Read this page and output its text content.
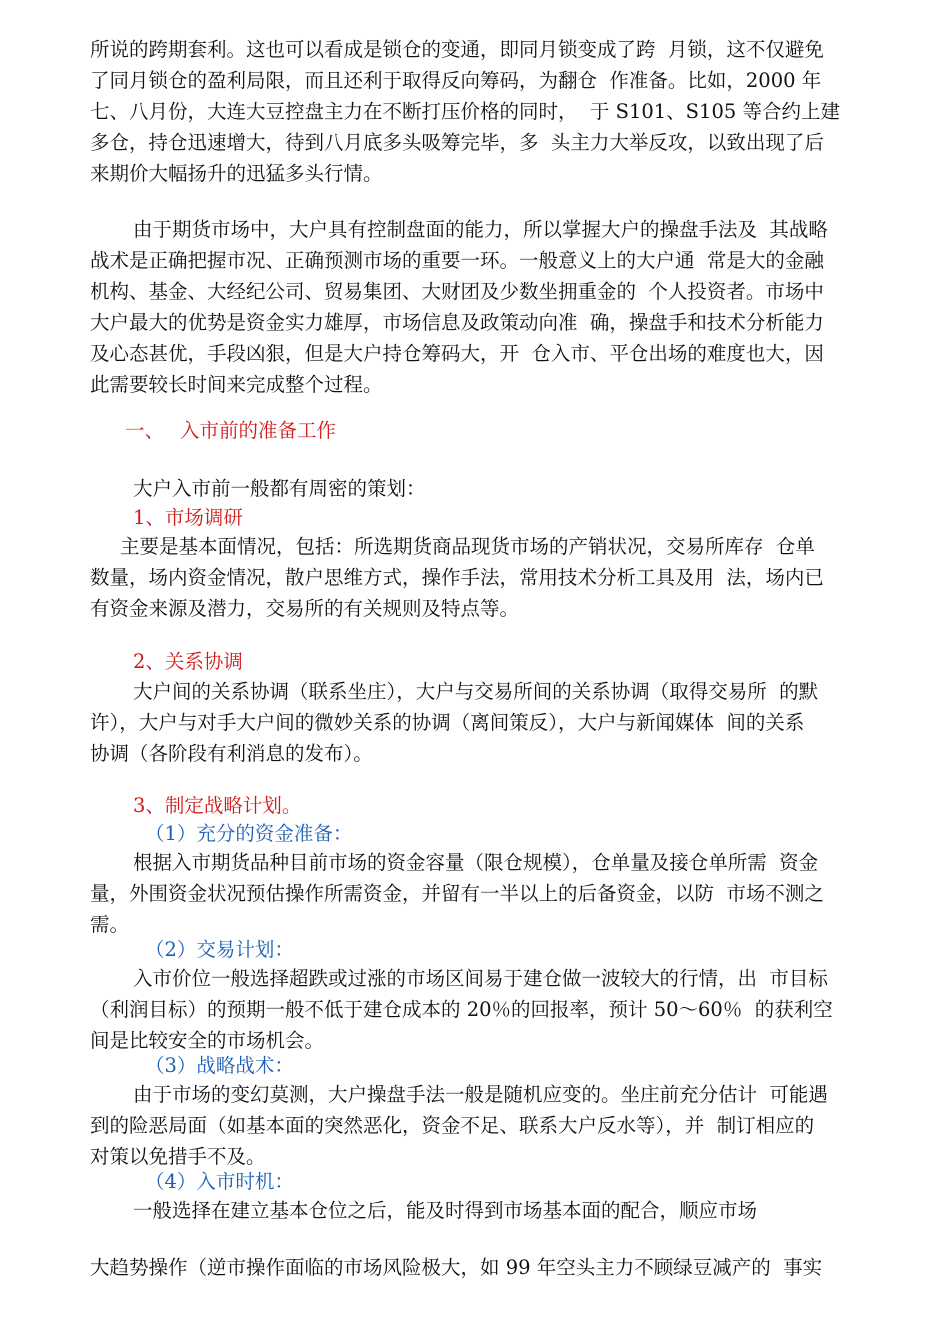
所说的跨期套利。这也可以看成是锁仓的变通，即同月锁变成了跨  月锁，这不仅避免
了同月锁仓的盈利局限，而且还利于取得反向筹码，为翻仓  作准备。比如，2000 年
七、八月份，大连大豆控盘主力在不断打压价格的同时，  于 S101、S105 等合约上建
多仓，持仓迅速增大，待到八月底多头吸筹完毕，多  头主力大举反攻，以致出现了后
来期价大幅扬升的迅猛多头行情。
由于期货市场中，大户具有控制盘面的能力，所以掌握大户的操盘手法及  其战略
战术是正确把握市况、正确预测市场的重要一环。一般意义上的大户通  常是大的金融
机构、基金、大经纪公司、贸易集团、大财团及少数坐拥重金的  个人投资者。市场中
大户最大的优势是资金实力雄厚，市场信息及政策动向准  确，操盘手和技术分析能力
及心态甚优，手段凶狠，但是大户持仓筹码大，开  仓入市、平仓出场的难度也大，因
此需要较长时间来完成整个过程。
一、 入市前的准备工作
大户入市前一般都有周密的策划：
1、市场调研
主要是基本面情况，包括：所选期货商品现货市场的产销状况，交易所库存  仓单
数量，场内资金情况，散户思维方式，操作手法，常用技术分析工具及用  法，场内已
有资金来源及潜力，交易所的有关规则及特点等。
2、关系协调
大户间的关系协调（联系坐庄），大户与交易所间的关系协调（取得交易所  的默
许），大户与对手大户间的微妙关系的协调（离间策反），大户与新闻媒体  间的关系
协调（各阶段有利消息的发布）。
3、制定战略计划。
（1）充分的资金准备：
根据入市期货品种目前市场的资金容量（限仓规模），仓单量及接仓单所需  资金
量，外围资金状况预估操作所需资金，并留有一半以上的后备资金，以防  市场不测之
需。
（2）交易计划：
入市价位一般选择超跌或过涨的市场区间易于建仓做一波较大的行情，出  市目标
（利润目标）的预期一般不低于建仓成本的 20％的回报率，预计 50～60％  的获利空
间是比较安全的市场机会。
（3）战略战术：
由于市场的变幻莫测，大户操盘手法一般是随机应变的。坐庄前充分估计  可能遇
到的险恶局面（如基本面的突然恶化，资金不足、联系大户反水等），并  制订相应的
对策以免措手不及。
（4）入市时机：
一般选择在建立基本仓位之后，能及时得到市场基本面的配合，顺应市场
大趋势操作（逆市操作面临的市场风险极大，如 99 年空头主力不顾绿豆减产的  事实
